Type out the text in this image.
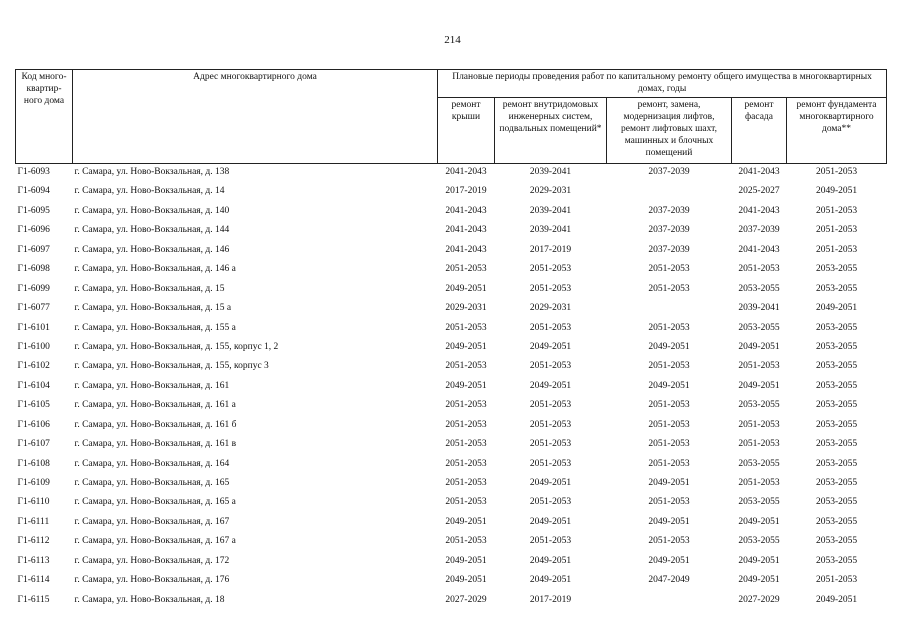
214
Код много-квартир-ного дома	Адрес многоквартирного дома	Плановые периоды проведения работ по капитальному ремонту общего имущества в многоквартирных домах, годы				
		ремонт крыши	ремонт внутридомовых инженерных систем, подвальных помещений*	ремонт, замена, модернизация лифтов, ремонт лифтовых шахт, машинных и блочных помещений	ремонт фасада	ремонт фундамента многоквартирного дома**
Г1-6093	г. Самара, ул. Ново-Вокзальная, д. 138	2041-2043	2039-2041	2037-2039	2041-2043	2051-2053
Г1-6094	г. Самара, ул. Ново-Вокзальная, д. 14	2017-2019	2029-2031		2025-2027	2049-2051
Г1-6095	г. Самара, ул. Ново-Вокзальная, д. 140	2041-2043	2039-2041	2037-2039	2041-2043	2051-2053
Г1-6096	г. Самара, ул. Ново-Вокзальная, д. 144	2041-2043	2039-2041	2037-2039	2037-2039	2051-2053
Г1-6097	г. Самара, ул. Ново-Вокзальная, д. 146	2041-2043	2017-2019	2037-2039	2041-2043	2051-2053
Г1-6098	г. Самара, ул. Ново-Вокзальная, д. 146 а	2051-2053	2051-2053	2051-2053	2051-2053	2053-2055
Г1-6099	г. Самара, ул. Ново-Вокзальная, д. 15	2049-2051	2051-2053	2051-2053	2053-2055	2053-2055
Г1-6077	г. Самара, ул. Ново-Вокзальная, д. 15 а	2029-2031	2029-2031		2039-2041	2049-2051
Г1-6101	г. Самара, ул. Ново-Вокзальная, д. 155 а	2051-2053	2051-2053	2051-2053	2053-2055	2053-2055
Г1-6100	г. Самара, ул. Ново-Вокзальная, д. 155, корпус 1, 2	2049-2051	2049-2051	2049-2051	2049-2051	2053-2055
Г1-6102	г. Самара, ул. Ново-Вокзальная, д. 155, корпус 3	2051-2053	2051-2053	2051-2053	2051-2053	2053-2055
Г1-6104	г. Самара, ул. Ново-Вокзальная, д. 161	2049-2051	2049-2051	2049-2051	2049-2051	2053-2055
Г1-6105	г. Самара, ул. Ново-Вокзальная, д. 161 а	2051-2053	2051-2053	2051-2053	2053-2055	2053-2055
Г1-6106	г. Самара, ул. Ново-Вокзальная, д. 161 б	2051-2053	2051-2053	2051-2053	2051-2053	2053-2055
Г1-6107	г. Самара, ул. Ново-Вокзальная, д. 161 в	2051-2053	2051-2053	2051-2053	2051-2053	2053-2055
Г1-6108	г. Самара, ул. Ново-Вокзальная, д. 164	2051-2053	2051-2053	2051-2053	2053-2055	2053-2055
Г1-6109	г. Самара, ул. Ново-Вокзальная, д. 165	2051-2053	2049-2051	2049-2051	2051-2053	2053-2055
Г1-6110	г. Самара, ул. Ново-Вокзальная, д. 165 а	2051-2053	2051-2053	2051-2053	2053-2055	2053-2055
Г1-6111	г. Самара, ул. Ново-Вокзальная, д. 167	2049-2051	2049-2051	2049-2051	2049-2051	2053-2055
Г1-6112	г. Самара, ул. Ново-Вокзальная, д. 167 а	2051-2053	2051-2053	2051-2053	2053-2055	2053-2055
Г1-6113	г. Самара, ул. Ново-Вокзальная, д. 172	2049-2051	2049-2051	2049-2051	2049-2051	2053-2055
Г1-6114	г. Самара, ул. Ново-Вокзальная, д. 176	2049-2051	2049-2051	2047-2049	2049-2051	2051-2053
Г1-6115	г. Самара, ул. Ново-Вокзальная, д. 18	2027-2029	2017-2019		2027-2029	2049-2051
